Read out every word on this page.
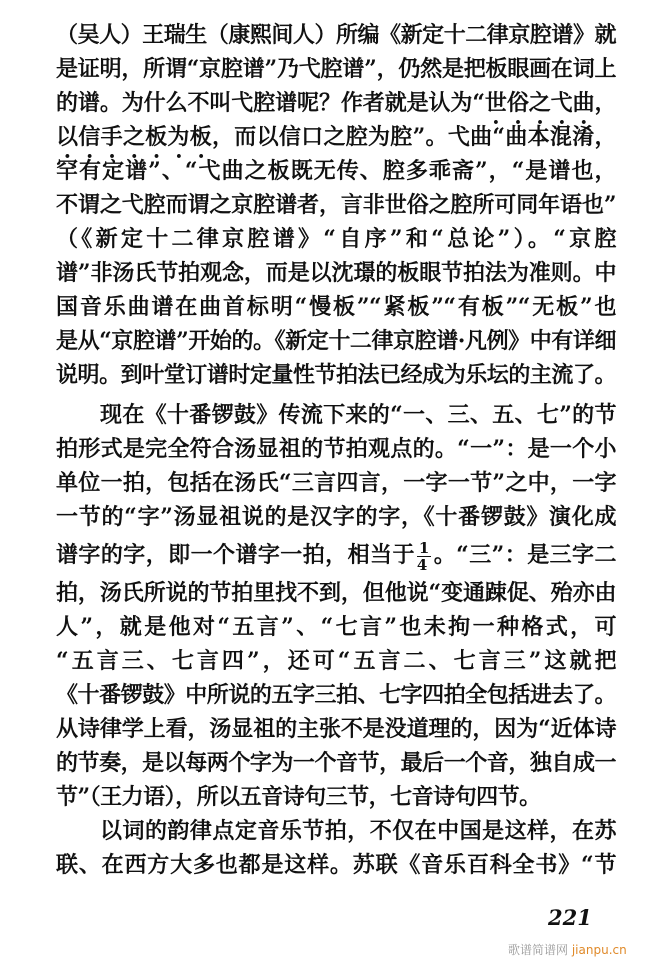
（吴人）王瑞生（康熙间人）所编《新定十二律京腔谱》就
是证明，所谓“京腔谱”乃弋腔谱”，仍然是把板眼画在词上
的谱。为什么不叫弋腔谱呢？作者就是认为“世俗之弋曲，
以信手之板为板，而以信口之腔为腔”。弋曲“曲本混淆，
罕有定谱”、“弋曲之板既无传、腔多乖斋”，“是谱也，
不谓之弋腔而谓之京腔谱者，言非世俗之腔所可同年语也”
（《新定十二律京腔谱》“自序”和“总论”）。“京腔
谱”非汤氏节拍观念，而是以沈璟的板眼节拍法为准则。中
国音乐曲谱在曲首标明“慢板”“紧板”“有板”“无板”也
是从“京腔谱”开始的。《新定十二律京腔谱·凡例》中有详细
说明。到叶堂订谱时定量性节拍法已经成为乐坛的主流了。
现在《十番锣鼓》传流下来的“一、三、五、七”的节
拍形式是完全符合汤显祖的节拍观点的。“一”：是一个小
单位一拍，包括在汤氏“三言四言，一字一节”之中，一字
一节的“字”汤显祖说的是汉字的字，《十番锣鼓》演化成
谱字的字，即一个谱字一拍，相当于 $\frac{1}{4}$ 。“三”：是三字二
拍，汤氏所说的节拍里找不到，但他说“变通踈促、殆亦由
人”，就是他对“五言”、“七言”也未拘一种格式，可
“五言三、七言四”，还可“五言二、七言三”这就把
《十番锣鼓》中所说的五字三拍、七字四拍全包括进去了。
从诗律学上看，汤显祖的主张不是没道理的，因为“近体诗
的节奏，是以每两个字为一个音节，最后一个音，独自成一
节”（王力语），所以五音诗句三节，七音诗句四节。
以词的韵律点定音乐节拍，不仅在中国是这样，在苏
联、在西方大多也都是这样。苏联《音乐百科全书》“节
221
歌谱简谱网 jianpu.cn
